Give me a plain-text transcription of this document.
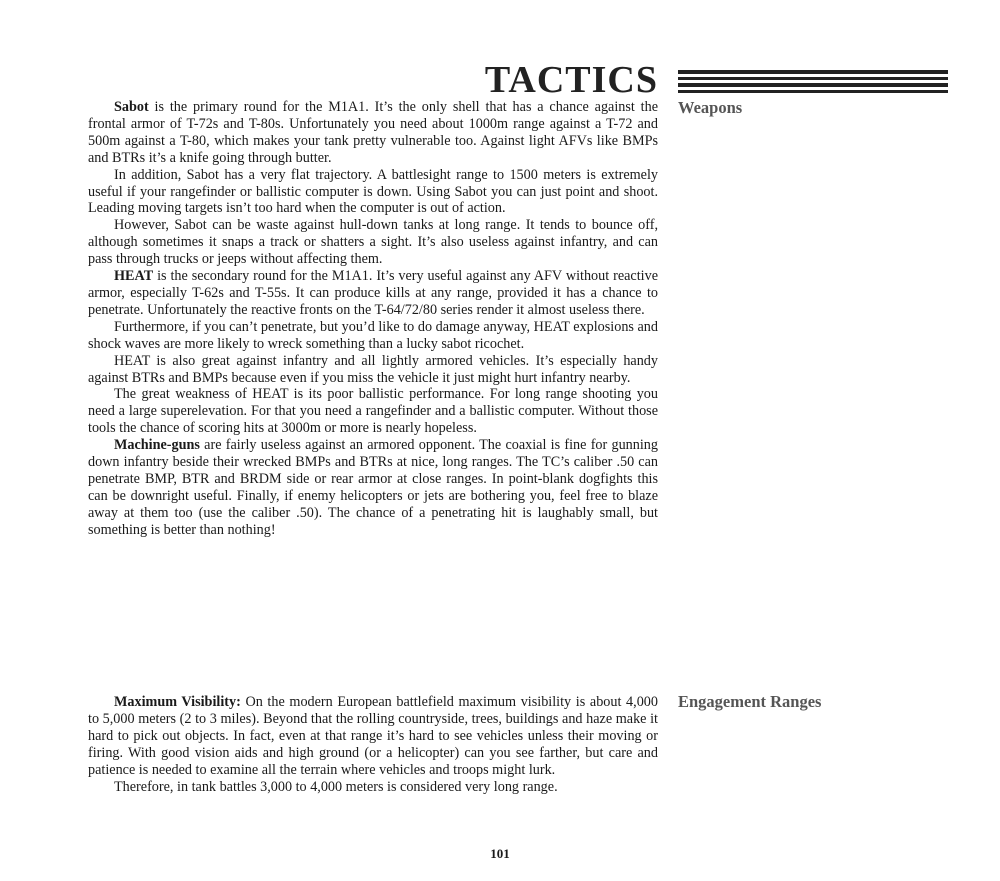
TACTICS
Weapons
Engagement Ranges

Sabot is the primary round for the M1A1. It’s the only shell that has a chance against the frontal armor of T-72s and T-80s. Unfortunately you need about 1000m range against a T-72 and 500m against a T-80, which makes your tank pretty vulnerable too. Against light AFVs like BMPs and BTRs it’s a knife going through butter.

In addition, Sabot has a very flat trajectory. A battlesight range to 1500 meters is extremely useful if your rangefinder or ballistic computer is down. Using Sabot you can just point and shoot. Leading moving targets isn’t too hard when the computer is out of action.

However, Sabot can be waste against hull-down tanks at long range. It tends to bounce off, although sometimes it snaps a track or shatters a sight. It’s also useless against infantry, and can pass through trucks or jeeps without affecting them.

HEAT is the secondary round for the M1A1. It’s very useful against any AFV without reactive armor, especially T-62s and T-55s. It can produce kills at any range, provided it has a chance to penetrate. Unfortunately the reactive fronts on the T-64/72/80 series render it almost useless there.

Furthermore, if you can’t penetrate, but you’d like to do damage anyway, HEAT explosions and shock waves are more likely to wreck something than a lucky sabot ricochet.

HEAT is also great against infantry and all lightly armored vehicles. It’s especially handy against BTRs and BMPs because even if you miss the vehicle it just might hurt infantry nearby.

The great weakness of HEAT is its poor ballistic performance. For long range shooting you need a large superelevation. For that you need a rangefinder and a ballistic computer. Without those tools the chance of scoring hits at 3000m or more is nearly hopeless.

Machine-guns are fairly useless against an armored opponent. The coaxial is fine for gunning down infantry beside their wrecked BMPs and BTRs at nice, long ranges. The TC’s caliber .50 can penetrate BMP, BTR and BRDM side or rear armor at close ranges. In point-blank dogfights this can be downright useful. Finally, if enemy helicopters or jets are bothering you, feel free to blaze away at them too (use the caliber .50). The chance of a penetrating hit is laughably small, but something is better than nothing!

Maximum Visibility: On the modern European battlefield maximum visibility is about 4,000 to 5,000 meters (2 to 3 miles). Beyond that the rolling countryside, trees, buildings and haze make it hard to pick out objects. In fact, even at that range it’s hard to see vehicles unless their moving or firing. With good vision aids and high ground (or a helicopter) can you see farther, but care and patience is needed to examine all the terrain where vehicles and troops might lurk.

Therefore, in tank battles 3,000 to 4,000 meters is considered very long range.

101
